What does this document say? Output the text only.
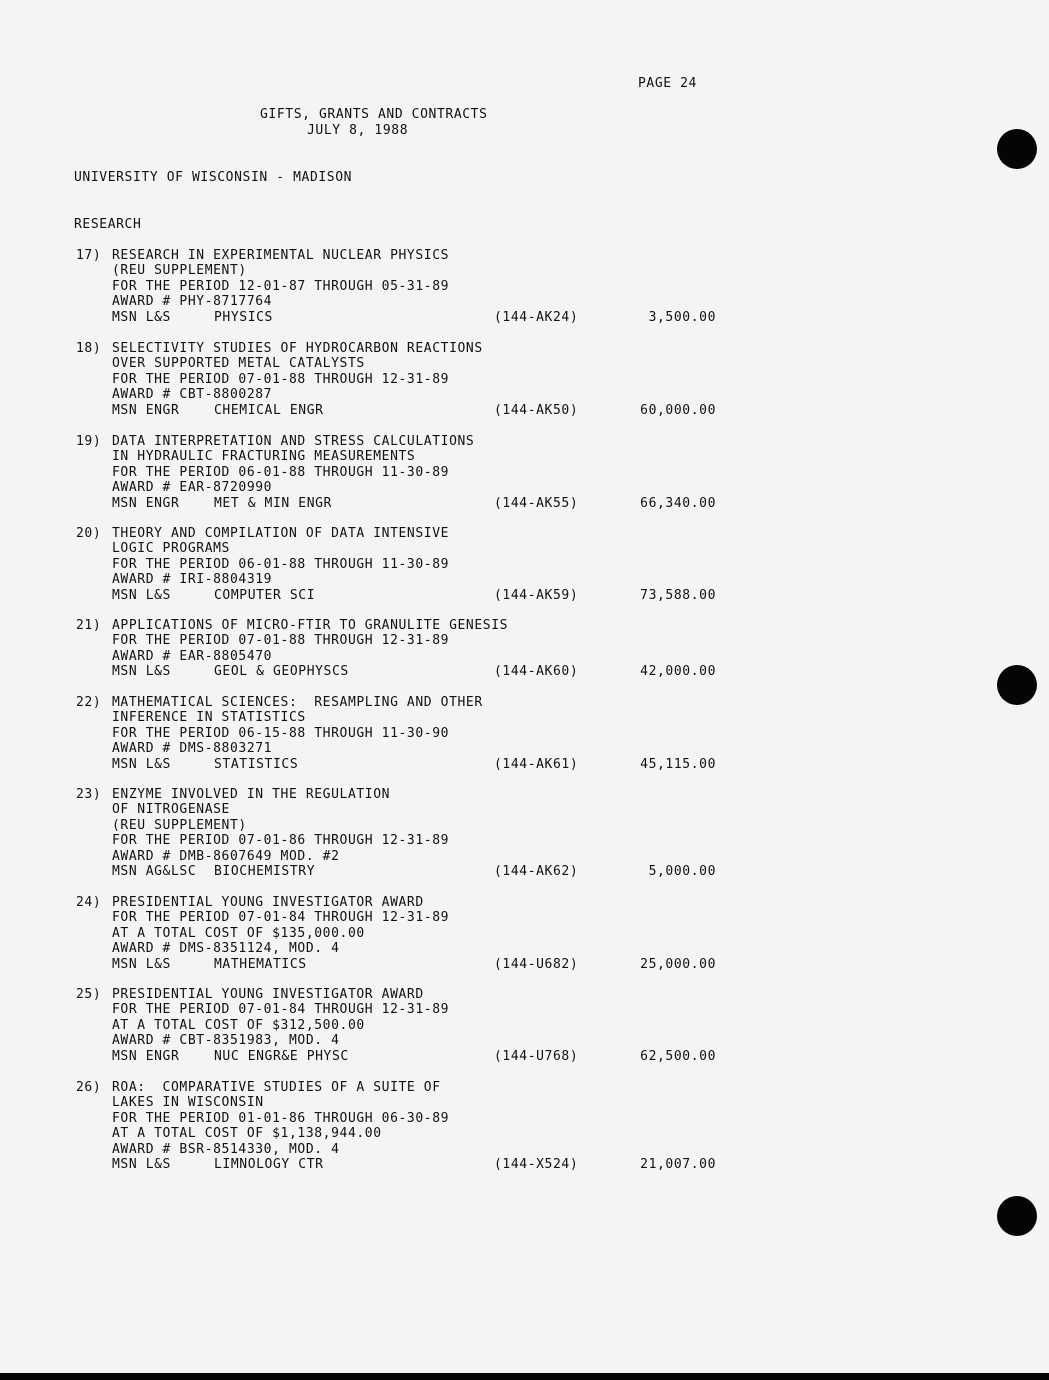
PAGE 24
GIFTS, GRANTS AND CONTRACTS
JULY 8, 1988
UNIVERSITY OF WISCONSIN - MADISON
RESEARCH
17) RESEARCH IN EXPERIMENTAL NUCLEAR PHYSICS
(REU SUPPLEMENT)
FOR THE PERIOD 12-01-87 THROUGH 05-31-89
AWARD # PHY-8717764
MSN L&S	PHYSICS	(144-AK24)	3,500.00
18) SELECTIVITY STUDIES OF HYDROCARBON REACTIONS
OVER SUPPORTED METAL CATALYSTS
FOR THE PERIOD 07-01-88 THROUGH 12-31-89
AWARD # CBT-8800287
MSN ENGR	CHEMICAL ENGR	(144-AK50)	60,000.00
19) DATA INTERPRETATION AND STRESS CALCULATIONS
IN HYDRAULIC FRACTURING MEASUREMENTS
FOR THE PERIOD 06-01-88 THROUGH 11-30-89
AWARD # EAR-8720990
MSN ENGR	MET & MIN ENGR	(144-AK55)	66,340.00
20) THEORY AND COMPILATION OF DATA INTENSIVE
LOGIC PROGRAMS
FOR THE PERIOD 06-01-88 THROUGH 11-30-89
AWARD # IRI-8804319
MSN L&S	COMPUTER SCI	(144-AK59)	73,588.00
21) APPLICATIONS OF MICRO-FTIR TO GRANULITE GENESIS
FOR THE PERIOD 07-01-88 THROUGH 12-31-89
AWARD # EAR-8805470
MSN L&S	GEOL & GEOPHYSCS	(144-AK60)	42,000.00
22) MATHEMATICAL SCIENCES:  RESAMPLING AND OTHER
INFERENCE IN STATISTICS
FOR THE PERIOD 06-15-88 THROUGH 11-30-90
AWARD # DMS-8803271
MSN L&S	STATISTICS	(144-AK61)	45,115.00
23) ENZYME INVOLVED IN THE REGULATION
OF NITROGENASE
(REU SUPPLEMENT)
FOR THE PERIOD 07-01-86 THROUGH 12-31-89
AWARD # DMB-8607649 MOD. #2
MSN AG&LSC BIOCHEMISTRY	(144-AK62)	5,000.00
24) PRESIDENTIAL YOUNG INVESTIGATOR AWARD
FOR THE PERIOD 07-01-84 THROUGH 12-31-89
AT A TOTAL COST OF $135,000.00
AWARD # DMS-8351124, MOD. 4
MSN L&S	MATHEMATICS	(144-U682)	25,000.00
25) PRESIDENTIAL YOUNG INVESTIGATOR AWARD
FOR THE PERIOD 07-01-84 THROUGH 12-31-89
AT A TOTAL COST OF $312,500.00
AWARD # CBT-8351983, MOD. 4
MSN ENGR	NUC ENGR&E PHYSC	(144-U768)	62,500.00
26) ROA:  COMPARATIVE STUDIES OF A SUITE OF
LAKES IN WISCONSIN
FOR THE PERIOD 01-01-86 THROUGH 06-30-89
AT A TOTAL COST OF $1,138,944.00
AWARD # BSR-8514330, MOD. 4
MSN L&S	LIMNOLOGY CTR	(144-X524)	21,007.00
